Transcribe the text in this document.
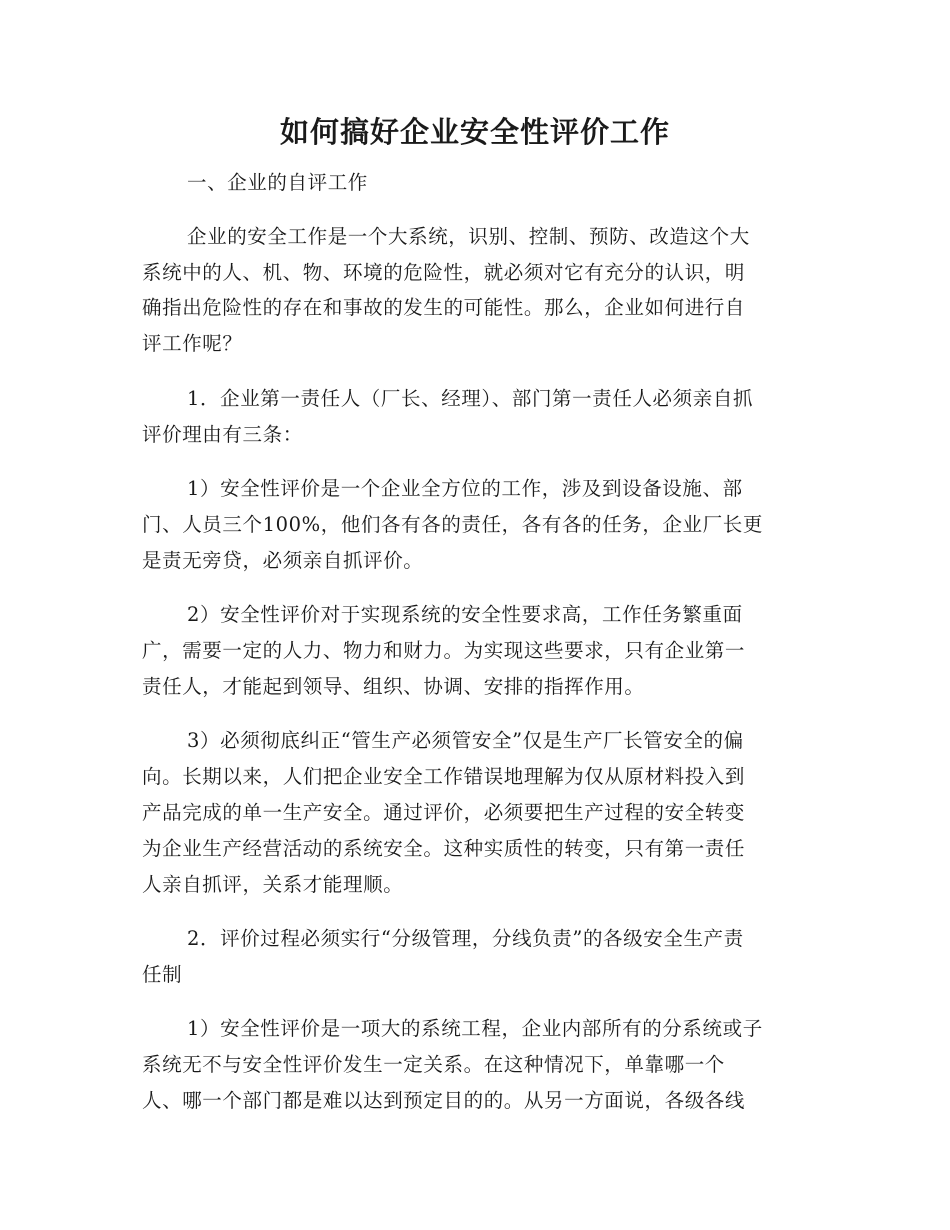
如何搞好企业安全性评价工作

一、企业的自评工作

企业的安全工作是一个大系统，识别、控制、预防、改造这个大

系统中的人、机、物、环境的危险性，就必须对它有充分的认识，明

确指出危险性的存在和事故的发生的可能性。那么，企业如何进行自

评工作呢？

1．企业第一责任人（厂长、经理）、部门第一责任人必须亲自抓

评价理由有三条：

1）安全性评价是一个企业全方位的工作，涉及到设备设施、部

门、人员三个100%，他们各有各的责任，各有各的任务，企业厂长更

是责无旁贷，必须亲自抓评价。

2）安全性评价对于实现系统的安全性要求高，工作任务繁重面

广，需要一定的人力、物力和财力。为实现这些要求，只有企业第一

责任人，才能起到领导、组织、协调、安排的指挥作用。

3）必须彻底纠正“管生产必须管安全”仅是生产厂长管安全的偏

向。长期以来，人们把企业安全工作错误地理解为仅从原材料投入到

产品完成的单一生产安全。通过评价，必须要把生产过程的安全转变

为企业生产经营活动的系统安全。这种实质性的转变，只有第一责任

人亲自抓评，关系才能理顺。

2．评价过程必须实行“分级管理，分线负责”的各级安全生产责

任制

1）安全性评价是一项大的系统工程，企业内部所有的分系统或子

系统无不与安全性评价发生一定关系。在这种情况下，单靠哪一个

人、哪一个部门都是难以达到预定目的的。从另一方面说，各级各线
